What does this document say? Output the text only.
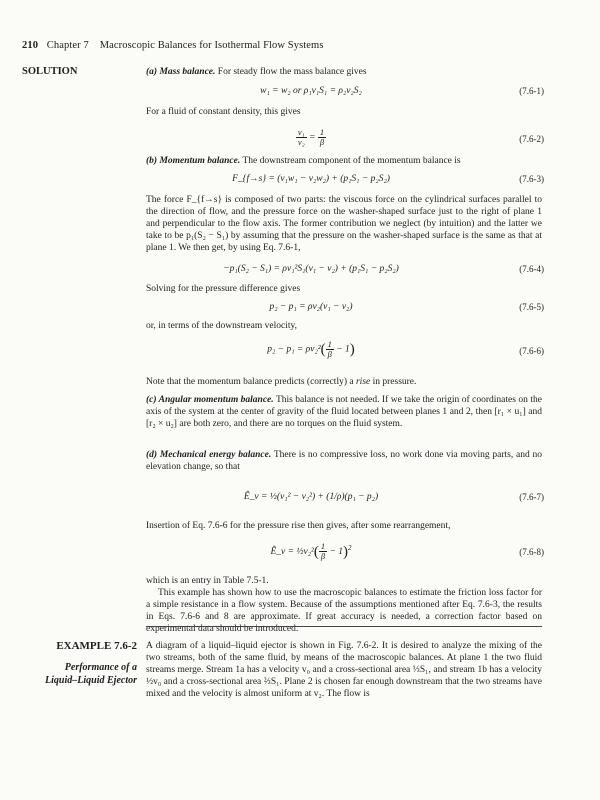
210 Chapter 7 Macroscopic Balances for Isothermal Flow Systems
SOLUTION	(a) Mass balance. For steady flow the mass balance gives

w₁ = w₂ or ρ₁v₁S₁ = ρ₂v₂S₂	(7.6-1)

For a fluid of constant density, this gives

$\frac{\text{v₁}}{\text{v₂}} = \frac{1}{\beta}$	(7.6-2)

(b) Momentum balance. The downstream component of the momentum balance is

F_{f→s} = (v₁w₁ − v₂w₂) + (p₁S₁ − p₂S₂)	(7.6-3)

The force F_{f→s} is composed of two parts: the viscous force on the cylindrical surfaces parallel to the direction of flow, and the pressure force on the washer-shaped surface just to the right of plane 1 and perpendicular to the flow axis. The former contribution we neglect (by intuition) and the latter we take to be p₁(S₂ − S₁) by assuming that the pressure on the washer-shaped surface is the same as that at plane 1. We then get, by using Eq. 7.6-1,

−p₁(S₂ − S₁) = ρv₁²S₁(v₁ − v₂) + (p₁S₁ − p₂S₂)	(7.6-4)

Solving for the pressure difference gives

p₂ − p₁ = ρv₂(v₁ − v₂)	(7.6-5)

or, in terms of the downstream velocity,

$p_2 - p_1 = \rho v_2^2( \frac{1}{\beta} - 1)$	(7.6-6)

Note that the momentum balance predicts (correctly) a rise in pressure.

(c) Angular momentum balance. This balance is not needed. If we take the origin of coordinates on the axis of the system at the center of gravity of the fluid located between planes 1 and 2, then [r₁ × u₁] and [r₂ × u₂] are both zero, and there are no torques on the fluid system.

(d) Mechanical energy balance. There is no compressive loss, no work done via moving parts, and no elevation change, so that

Ê_v = ½(v₁² − v₂²) + (1/ρ)(p₁ − p₂)	(7.6-7)

Insertion of Eq. 7.6-6 for the pressure rise then gives, after some rearrangement,

Ê_v = ½v₂²( $\frac{1}{\beta} - 1)^2$	(7.6-8)

which is an entry in Table 7.5-1.

This example has shown how to use the macroscopic balances to estimate the friction loss factor for a simple resistance in a flow system. Because of the assumptions mentioned after Eq. 7.6-3, the results in Eqs. 7.6-6 and 8 are approximate. If great accuracy is needed, a correction factor based on experimental data should be introduced.

EXAMPLE 7.6-2
Performance of a
Liquid–Liquid Ejector

A diagram of a liquid–liquid ejector is shown in Fig. 7.6-2. It is desired to analyze the mixing of the two streams, both of the same fluid, by means of the macroscopic balances. At plane 1 the two fluid streams merge. Stream 1a has a velocity v₀ and a cross-sectional area ⅓S₁, and stream 1b has a velocity ½v₀ and a cross-sectional area ⅔S₁. Plane 2 is chosen far enough downstream that the two streams have mixed and the velocity is almost uniform at v₂. The flow is
